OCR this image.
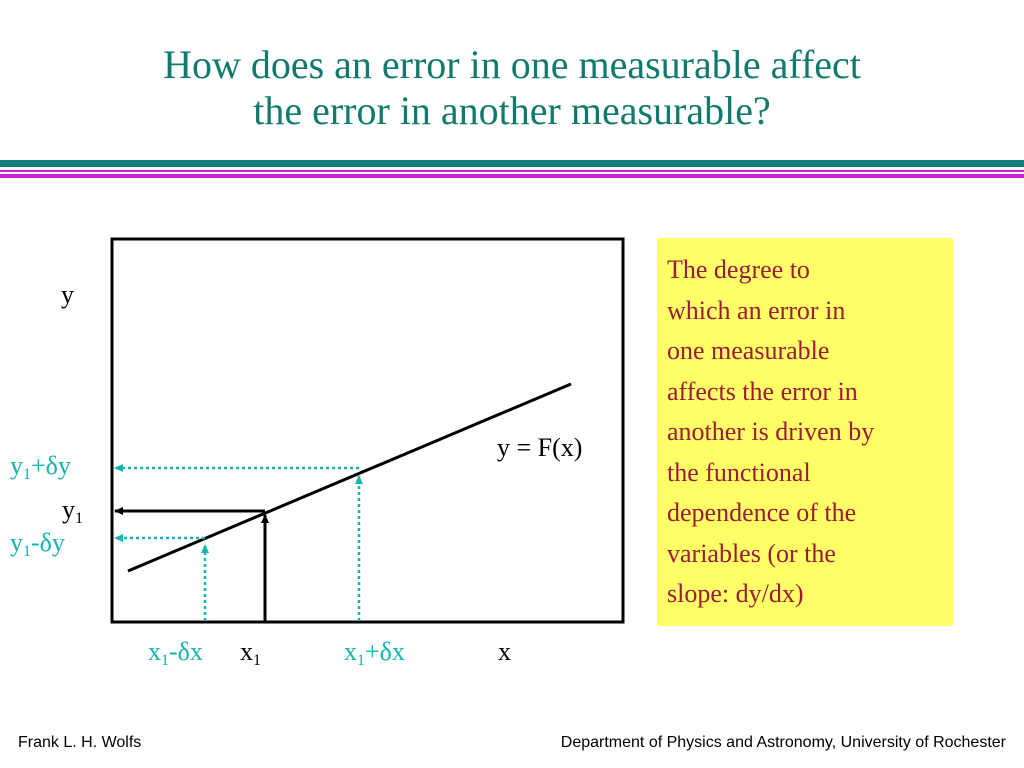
How does an error in one measurable affect
the error in another measurable?
y
x
y = F(x)
y1+δy
y1
y1-δy
x1-δx x1	x1+δx
The degree to
which an error in
one measurable
affects the error in
another is driven by
the functional
dependence of the
variables (or the
slope: dy/dx)
Frank L. H. Wolfs	Department of Physics and Astronomy, University of Rochester
